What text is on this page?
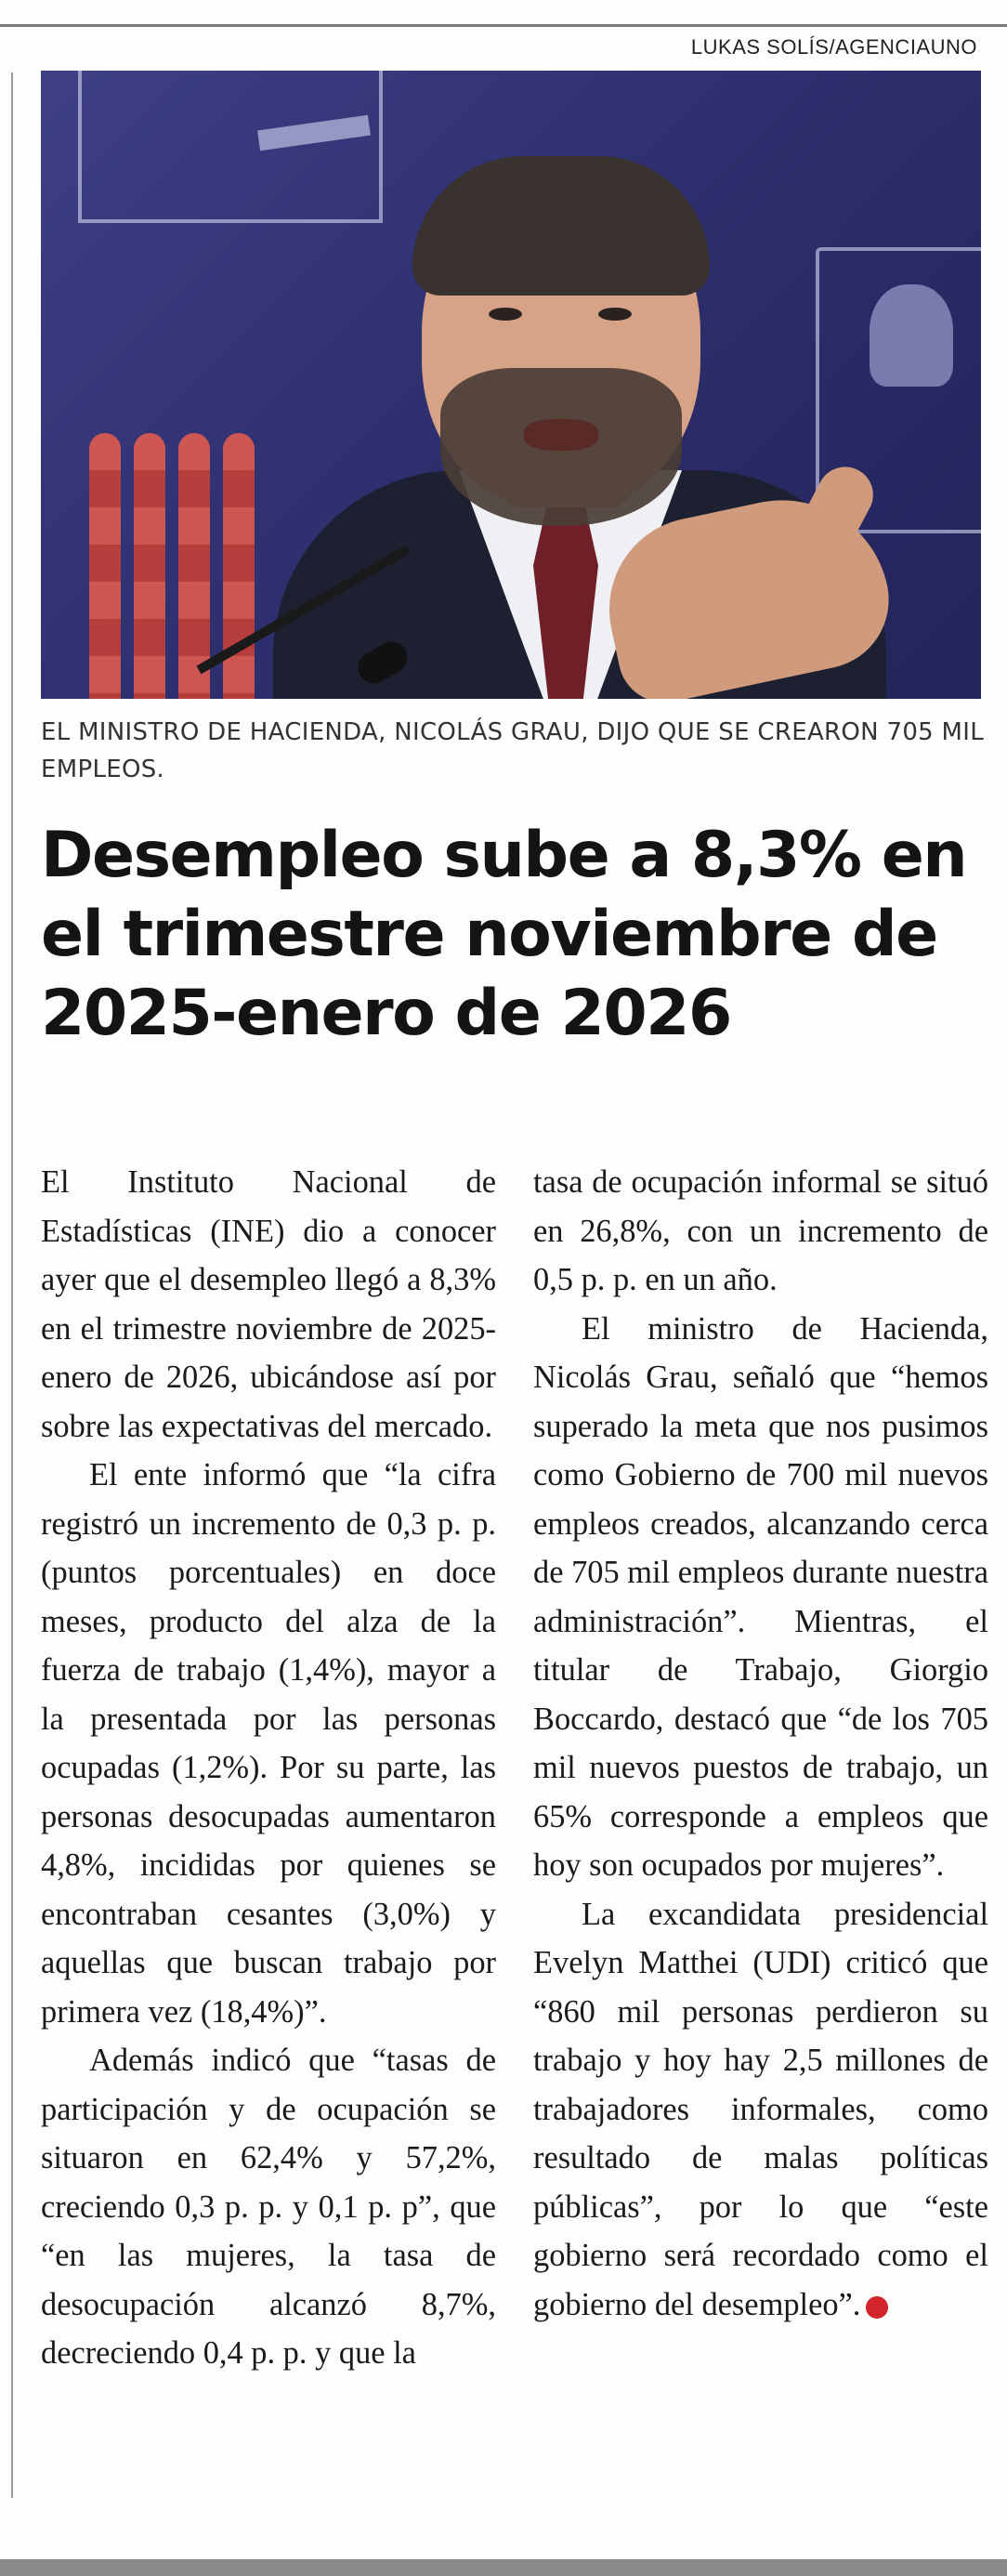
LUKAS SOLÍS/AGENCIAUNO
EL MINISTRO DE HACIENDA, NICOLÁS GRAU, DIJO QUE SE CREARON 705 MIL EMPLEOS.
Desempleo sube a 8,3% en el trimestre noviembre de 2025-enero de 2026

El Instituto Nacional de Estadísticas (INE) dio a conocer ayer que el desempleo llegó a 8,3% en el trimestre noviembre de 2025-enero de 2026, ubicándose así por sobre las expectativas del mercado.

El ente informó que “la cifra registró un incremento de 0,3 p. p. (puntos porcentuales) en doce meses, producto del alza de la fuerza de trabajo (1,4%), mayor a la presentada por las personas ocupadas (1,2%). Por su parte, las personas desocupadas aumentaron 4,8%, incididas por quienes se encontraban cesantes (3,0%) y aquellas que buscan trabajo por primera vez (18,4%)”.

Además indicó que “tasas de participación y de ocupación se situaron en 62,4% y 57,2%, creciendo 0,3 p. p. y 0,1 p. p”, que “en las mujeres, la tasa de desocupación alcanzó 8,7%, decreciendo 0,4 p. p. y que la

tasa de ocupación informal se situó en 26,8%, con un incremento de 0,5 p. p. en un año.

El ministro de Hacienda, Nicolás Grau, señaló que “hemos superado la meta que nos pusimos como Gobierno de 700 mil nuevos empleos creados, alcanzando cerca de 705 mil empleos durante nuestra administración”. Mientras, el titular de Trabajo, Giorgio Boccardo, destacó que “de los 705 mil nuevos puestos de trabajo, un 65% corresponde a empleos que hoy son ocupados por mujeres”.

La excandidata presidencial Evelyn Matthei (UDI) criticó que “860 mil personas perdieron su trabajo y hoy hay 2,5 millones de trabajadores informales, como resultado de malas políticas públicas”, por lo que “este gobierno será recordado como el gobierno del desempleo”.	✪
